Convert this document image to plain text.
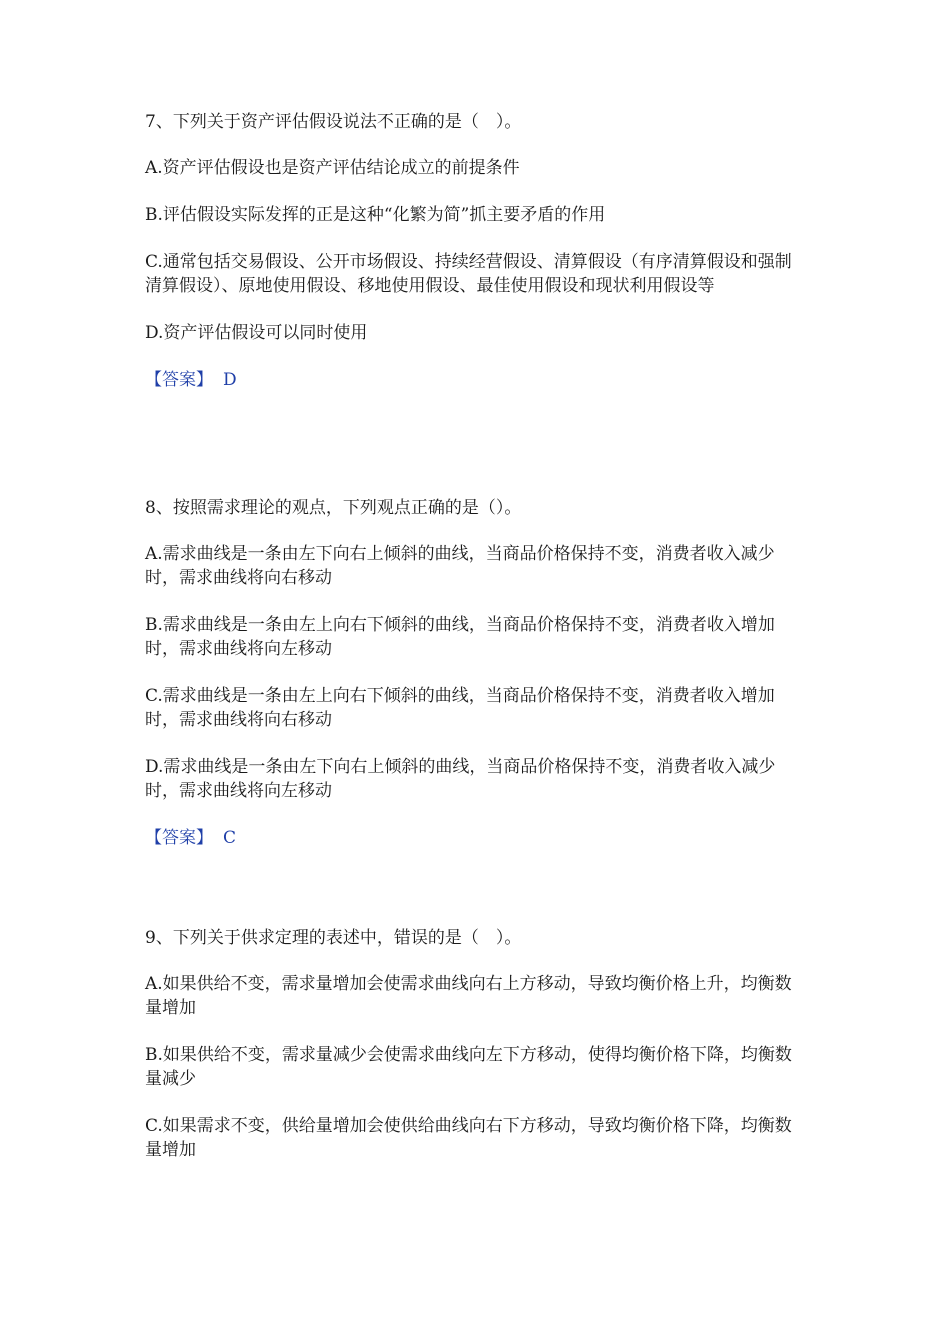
7、下列关于资产评估假设说法不正确的是（　）。

A.资产评估假设也是资产评估结论成立的前提条件

B.评估假设实际发挥的正是这种“化繁为简”抓主要矛盾的作用

C.通常包括交易假设、公开市场假设、持续经营假设、清算假设（有序清算假设和强制清算假设）、原地使用假设、移地使用假设、最佳使用假设和现状利用假设等

D.资产评估假设可以同时使用

【答案】 D

8、按照需求理论的观点，下列观点正确的是（）。

A.需求曲线是一条由左下向右上倾斜的曲线，当商品价格保持不变，消费者收入减少时，需求曲线将向右移动

B.需求曲线是一条由左上向右下倾斜的曲线，当商品价格保持不变，消费者收入增加时，需求曲线将向左移动

C.需求曲线是一条由左上向右下倾斜的曲线，当商品价格保持不变，消费者收入增加时，需求曲线将向右移动

D.需求曲线是一条由左下向右上倾斜的曲线，当商品价格保持不变，消费者收入减少时，需求曲线将向左移动

【答案】 C

9、下列关于供求定理的表述中，错误的是（　）。

A.如果供给不变，需求量增加会使需求曲线向右上方移动，导致均衡价格上升，均衡数量增加

B.如果供给不变，需求量减少会使需求曲线向左下方移动，使得均衡价格下降，均衡数量减少

C.如果需求不变，供给量增加会使供给曲线向右下方移动，导致均衡价格下降，均衡数量增加
